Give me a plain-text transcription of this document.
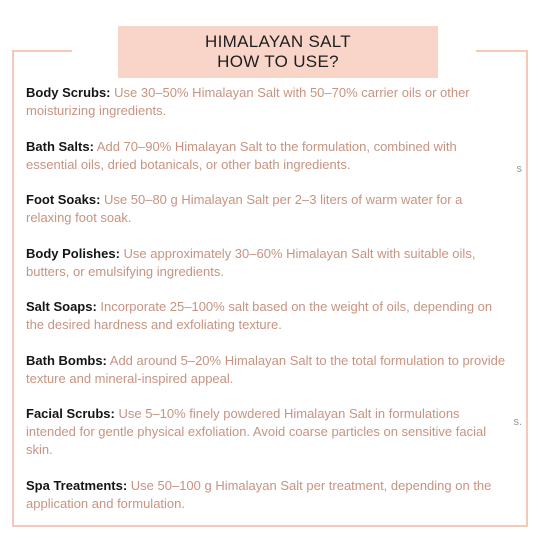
HIMALAYAN SALT
HOW TO USE?
s
s.
Body Scrubs: Use 30–50% Himalayan Salt with 50–70% carrier oils or other moisturizing ingredients.
Bath Salts: Add 70–90% Himalayan Salt to the formulation, combined with essential oils, dried botanicals, or other bath ingredients.
Foot Soaks: Use 50–80 g Himalayan Salt per 2–3 liters of warm water for a relaxing foot soak.
Body Polishes: Use approximately 30–60% Himalayan Salt with suitable oils, butters, or emulsifying ingredients.
Salt Soaps: Incorporate 25–100% salt based on the weight of oils, depending on the desired hardness and exfoliating texture.
Bath Bombs: Add around 5–20% Himalayan Salt to the total formulation to provide texture and mineral-inspired appeal.
Facial Scrubs: Use 5–10% finely powdered Himalayan Salt in formulations intended for gentle physical exfoliation. Avoid coarse particles on sensitive facial skin.
Spa Treatments: Use 50–100 g Himalayan Salt per treatment, depending on the application and formulation.
